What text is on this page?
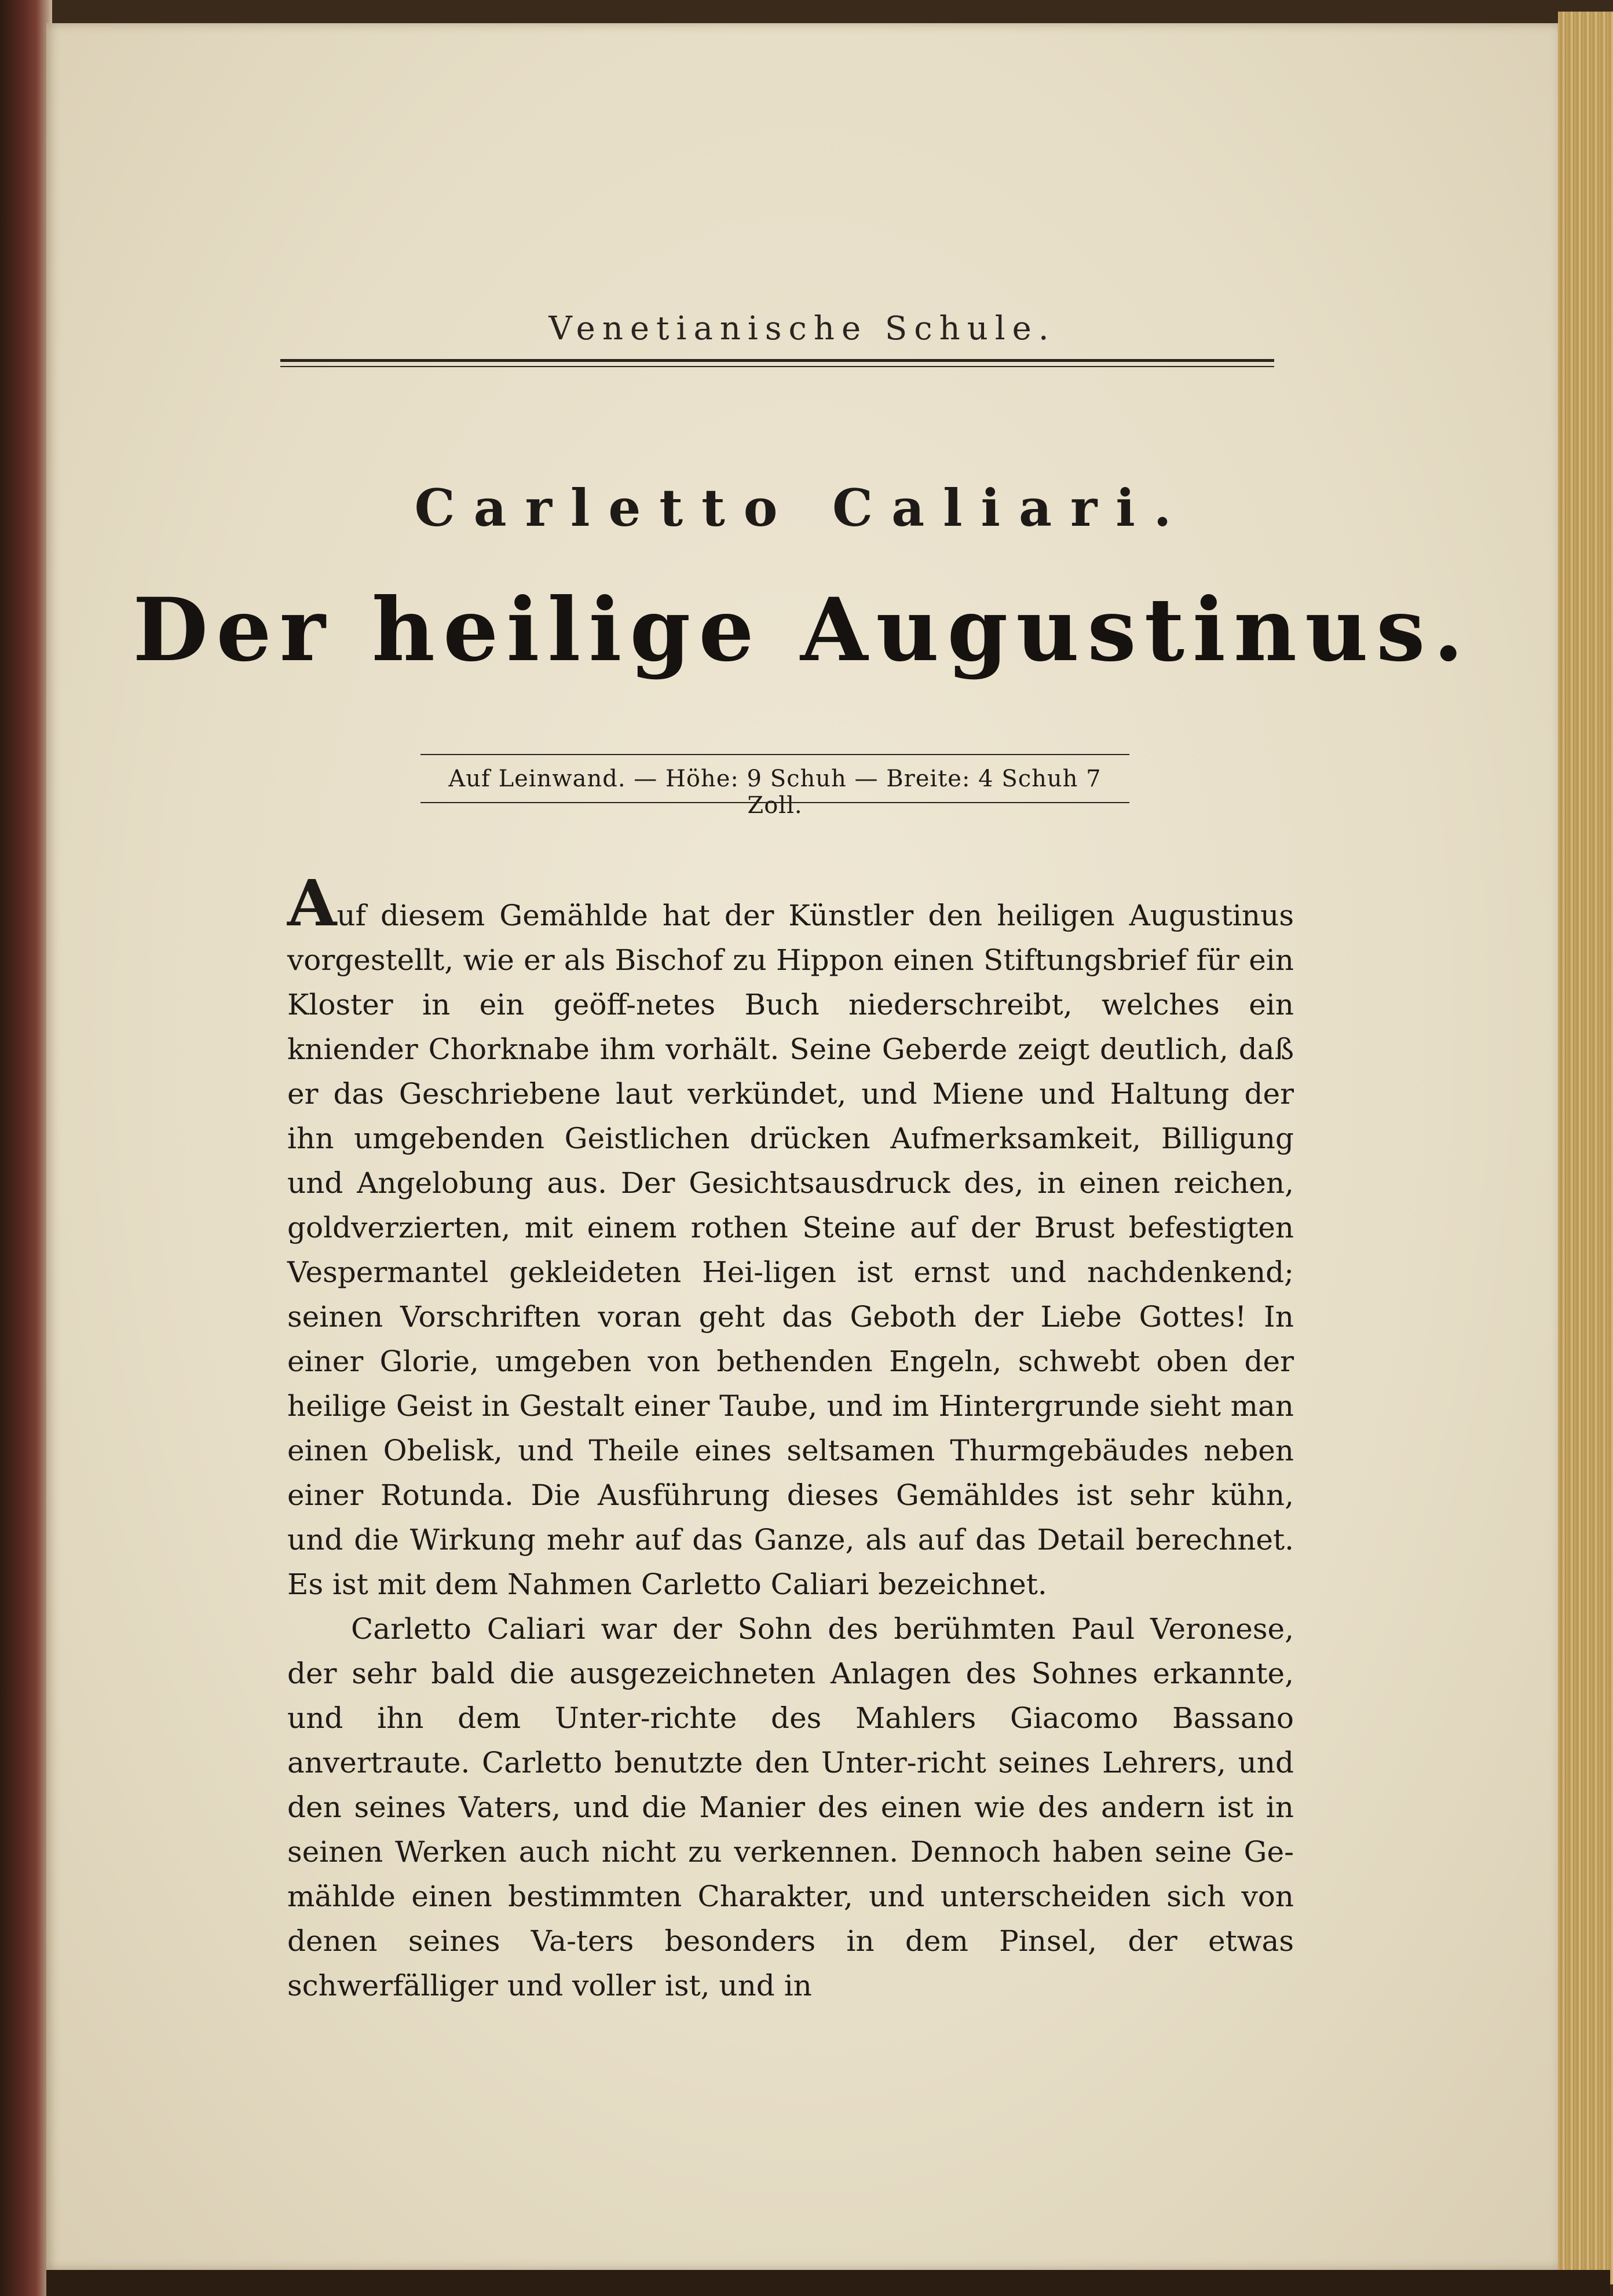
Venetianische Schule.
Carletto Caliari.
Der heilige Augustinus.
Auf Leinwand. — Höhe: 9 Schuh — Breite: 4 Schuh 7 Zoll.

Auf diesem Gemählde hat der Künstler den heiligen Augustinus vorgestellt, wie er als Bischof zu Hippon einen Stiftungsbrief für ein Kloster in ein geöff-netes Buch niederschreibt, welches ein kniender Chorknabe ihm vorhält. Seine Geberde zeigt deutlich, daß er das Geschriebene laut verkündet, und Miene und Haltung der ihn umgebenden Geistlichen drücken Aufmerksamkeit, Billigung und Angelobung aus. Der Gesichtsausdruck des, in einen reichen, goldverzierten, mit einem rothen Steine auf der Brust befestigten Vespermantel gekleideten Hei-ligen ist ernst und nachdenkend; seinen Vorschriften voran geht das Geboth der Liebe Gottes! In einer Glorie, umgeben von bethenden Engeln, schwebt oben der heilige Geist in Gestalt einer Taube, und im Hintergrunde sieht man einen Obelisk, und Theile eines seltsamen Thurmgebäudes neben einer Rotunda. Die Ausführung dieses Gemähldes ist sehr kühn, und die Wirkung mehr auf das Ganze, als auf das Detail berechnet. Es ist mit dem Nahmen Carletto Caliari bezeichnet.

Carletto Caliari war der Sohn des berühmten Paul Veronese, der sehr bald die ausgezeichneten Anlagen des Sohnes erkannte, und ihn dem Unter-richte des Mahlers Giacomo Bassano anvertraute. Carletto benutzte den Unter-richt seines Lehrers, und den seines Vaters, und die Manier des einen wie des andern ist in seinen Werken auch nicht zu verkennen. Dennoch haben seine Ge-mählde einen bestimmten Charakter, und unterscheiden sich von denen seines Va-ters besonders in dem Pinsel, der etwas schwerfälliger und voller ist, und in
